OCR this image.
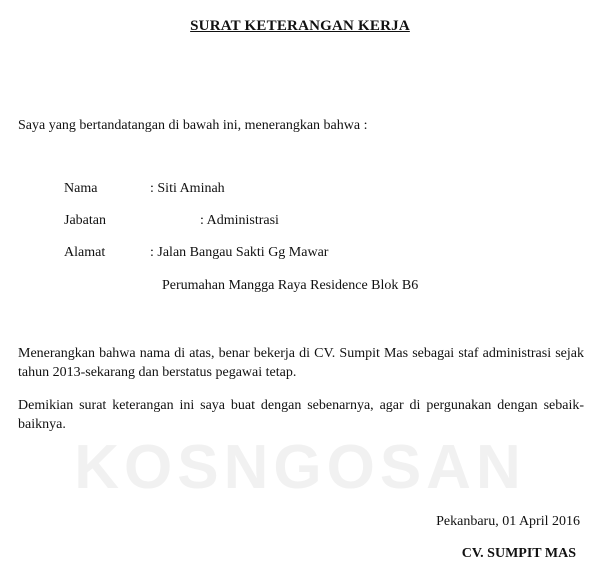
KOSNGOSAN
SURAT KETERANGAN KERJA
Saya yang bertandatangan di bawah ini, menerangkan bahwa :
Nama	: Siti Aminah
Jabatan	: Administrasi
Alamat	: Jalan Bangau Sakti Gg Mawar
Perumahan Mangga Raya Residence Blok B6
Menerangkan bahwa nama di atas, benar bekerja di CV. Sumpit Mas sebagai staf administrasi sejak tahun 2013-sekarang dan berstatus pegawai tetap.
Demikian surat keterangan ini saya buat dengan sebenarnya, agar di pergunakan dengan sebaik-baiknya.
Pekanbaru, 01 April 2016
CV. SUMPIT MAS
